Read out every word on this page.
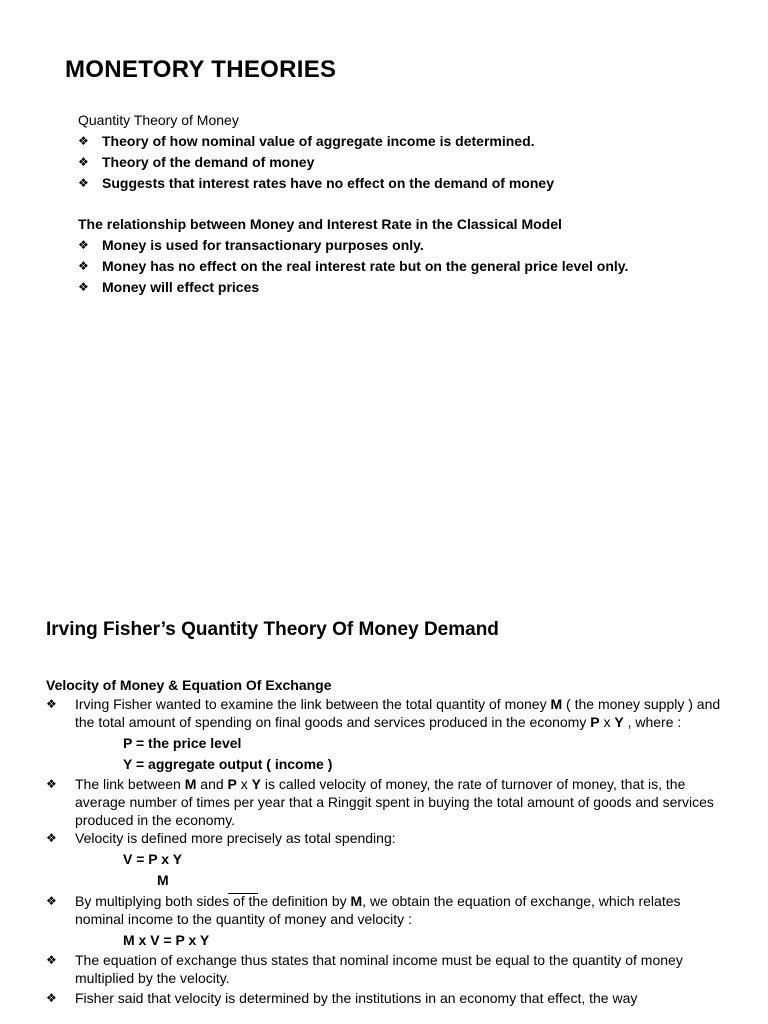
MONETORY THEORIES
Quantity Theory of Money
❖ Theory of how nominal value of aggregate income is determined.
❖ Theory of the demand of money
❖ Suggests that interest rates have no effect on the demand of money
The relationship between Money and Interest Rate in the Classical Model
❖ Money is used for transactionary purposes only.
❖ Money has no effect on the real interest rate but on the general price level only.
❖ Money will effect prices
Irving Fisher’s Quantity Theory Of Money Demand
Velocity of Money & Equation Of Exchange
❖ Irving Fisher wanted to examine the link between the total quantity of money M ( the money supply ) and the total amount of spending on final goods and services produced in the economy P x Y , where :
P = the price level
Y = aggregate output ( income )
❖ The link between M and P x Y is called velocity of money, the rate of turnover of money, that is, the average number of times per year that a Ringgit spent in buying the total amount of goods and services produced in the economy.
❖ Velocity is defined more precisely as total spending:
V = P x Y
M
❖ By multiplying both sides of the definition by M, we obtain the equation of exchange, which relates nominal income to the quantity of money and velocity :
M x V = P x Y
❖ The equation of exchange thus states that nominal income must be equal to the quantity of money multiplied by the velocity.
❖ Fisher said that velocity is determined by the institutions in an economy that effect, the way
